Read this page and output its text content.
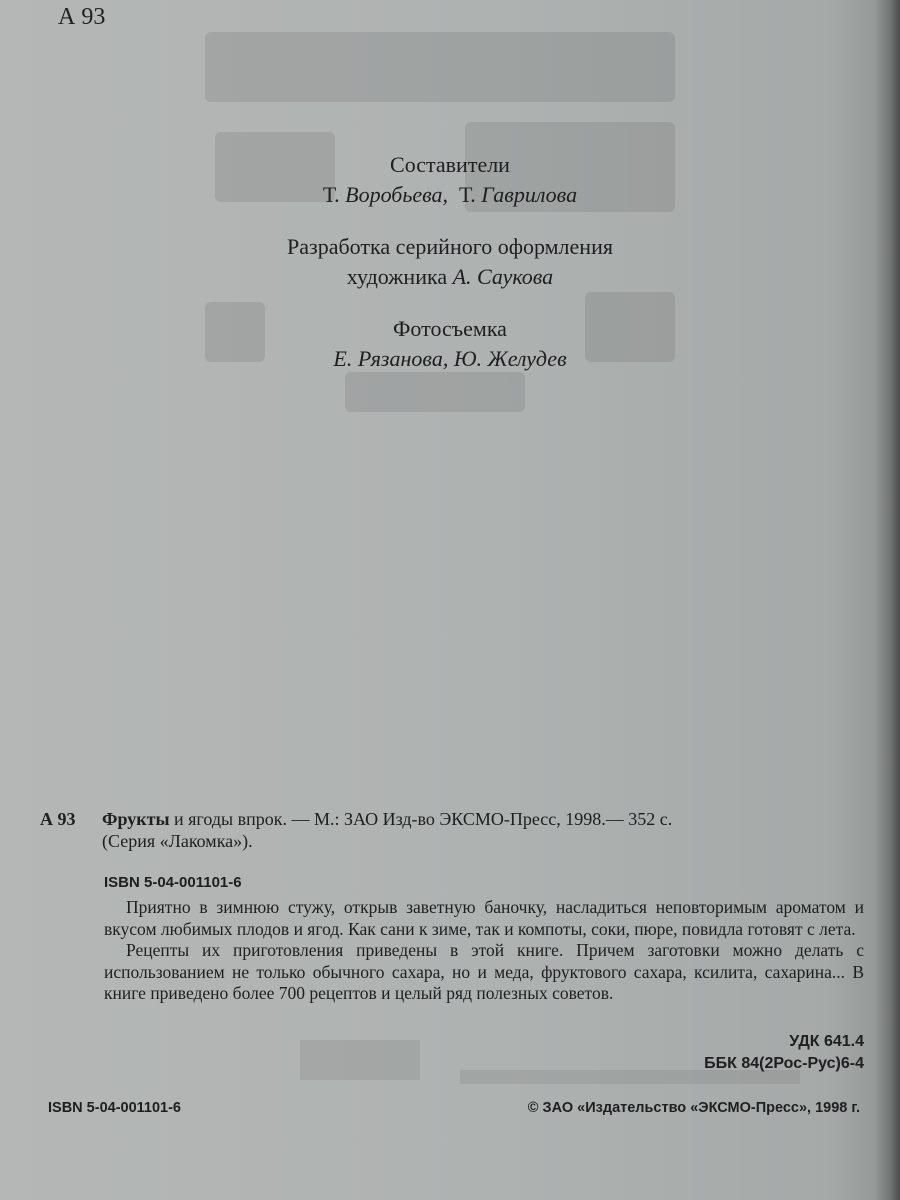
А 93
Составители
Т. Воробьева, Т. Гаврилова
Разработка серийного оформления
художника А. Саукова
Фотосъемка
Е. Рязанова, Ю. Желудев
А 93	Фрукты и ягоды впрок. — М.: ЗАО Изд-во ЭКСМО-Пресс, 1998.— 352 с.
(Серия «Лакомка»).
ISBN 5-04-001101-6

Приятно в зимнюю стужу, открыв заветную баночку, насладиться неповторимым ароматом и вкусом любимых плодов и ягод. Как сани к зиме, так и компоты, соки, пюре, повидла готовят с лета.

Рецепты их приготовления приведены в этой книге. Причем заготовки можно делать с использованием не только обычного сахара, но и меда, фруктового сахара, ксилита, сахарина... В книге приведено более 700 рецептов и целый ряд полезных советов.

УДК 641.4
ББК 84(2Рос-Рус)6-4
ISBN 5-04-001101-6	© ЗАО «Издательство «ЭКСМО-Пресс», 1998 г.
